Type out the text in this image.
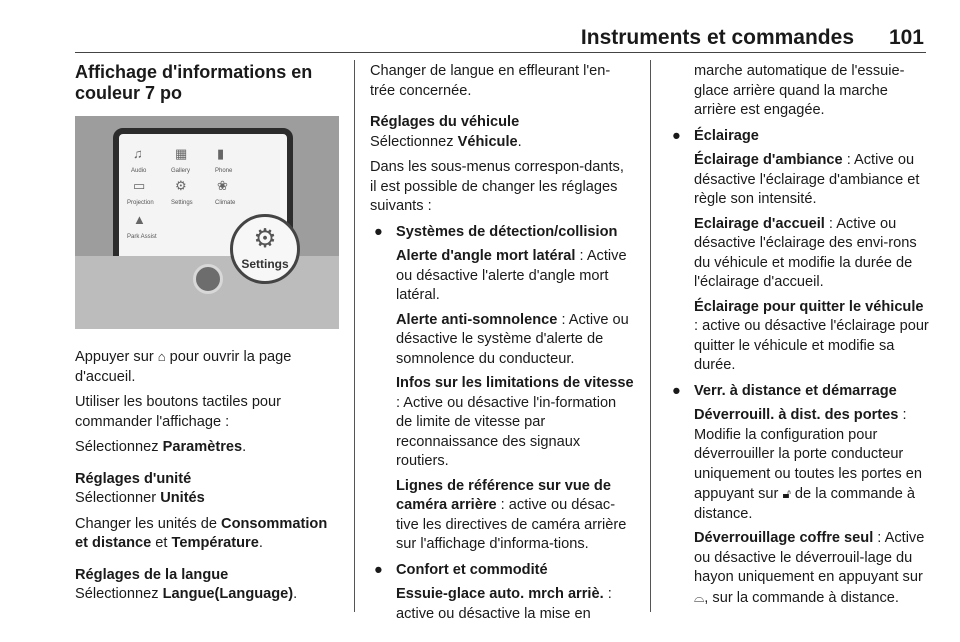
Instruments et commandes 101
Affichage d'informations en couleur 7 po
♫
Audio
▦
Gallery
▮
Phone
▭
Projection
⚙
Settings
❀
Climate
▲
Park Assist	⚙
Settings

Appuyer sur ⌂ pour ouvrir la page d'accueil.

Utiliser les boutons tactiles pour commander l'affichage :

Sélectionnez Paramètres.

Réglages d'unité
Sélectionner Unités

Changer les unités de Consommation et distance et Température.

Réglages de la langue
Sélectionnez Langue(Language).

Changer de langue en effleurant l'en-trée concernée.

Réglages du véhicule
Sélectionnez Véhicule.

Dans les sous-menus correspon-dants, il est possible de changer les réglages suivants :

● Systèmes de détection/collision
Alerte d'angle mort latéral : Active ou désactive l'alerte d'angle mort latéral.
Alerte anti-somnolence : Active ou désactive le système d'alerte de somnolence du conducteur.
Infos sur les limitations de vitesse : Active ou désactive l'in-formation de limite de vitesse par reconnaissance des signaux routiers.
Lignes de référence sur vue de caméra arrière : active ou désac-tive les directives de caméra arrière sur l'affichage d'informa-tions.
● Confort et commodité
Essuie-glace auto. mrch arriè. : active ou désactive la mise en

marche automatique de l'essuie-glace arrière quand la marche arrière est engagée.

● Éclairage
Éclairage d'ambiance : Active ou désactive l'éclairage d'ambiance et règle son intensité.
Eclairage d'accueil : Active ou désactive l'éclairage des envi-rons du véhicule et modifie la durée de l'éclairage d'accueil.
Éclairage pour quitter le véhicule : active ou désactive l'éclairage pour quitter le véhicule et modifie sa durée.
● Verr. à distance et démarrage
Déverrouill. à dist. des portes : Modifie la configuration pour déverrouiller la porte conducteur uniquement ou toutes les portes en appuyant sur 🔓︎ de la commande à distance.
Déverrouillage coffre seul : Active ou désactive le déverrouil-lage du hayon uniquement en appuyant sur ⌓, sur la commande à distance.
